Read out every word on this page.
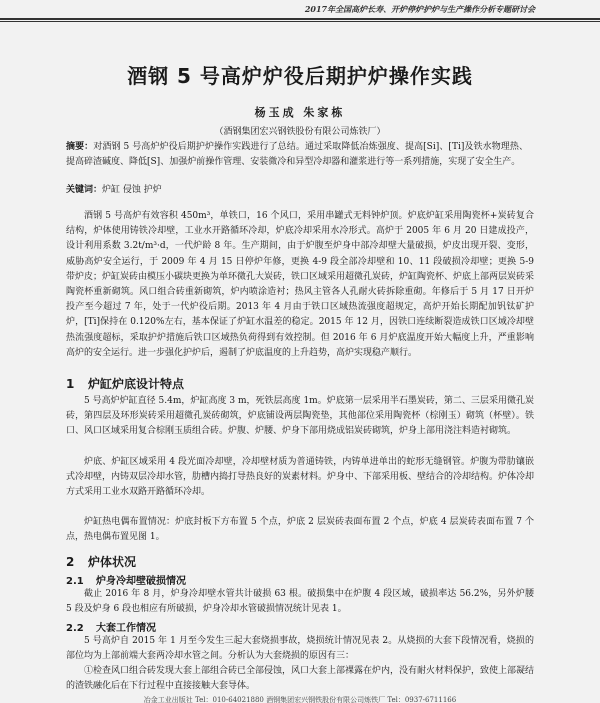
2017年全国高炉长寿、开炉停炉护炉与生产操作分析专题研讨会
酒钢 5 号高炉炉役后期护炉操作实践
杨玉成 朱家栋
（酒钢集团宏兴钢铁股份有限公司炼铁厂）
摘要：对酒钢 5 号高炉炉役后期护炉操作实践进行了总结。通过采取降低冶炼强度、提高[Si]、[Ti]及铁水物理热、提高碎渣碱度、降低[S]、加强炉前操作管理、安装微冷和异型冷却器和灌浆进行等一系列措施，实现了安全生产。
关键词：炉缸 侵蚀 护炉

酒钢 5 号高炉有效容积 450m³，单铁口，16 个风口，采用串罐式无料钟炉顶。炉底炉缸采用陶瓷杯+炭砖复合结构，炉体使用铸铁冷却壁，工业水开路循环冷却，炉底冷却采用水冷形式。高炉于 2005 年 6 月 20 日建成投产，设计利用系数 3.2t/m³·d，一代炉龄 8 年。生产期间，由于炉腹至炉身中部冷却壁大量破损，炉皮出现开裂、变形，威胁高炉安全运行，于 2009 年 4 月 15 日停炉年修，更换 4-9 段全部冷却壁和 10、11 段破损冷却壁；更换 5-9 带炉皮；炉缸炭砖由模压小碳块更换为单环微孔大炭砖，铁口区域采用超微孔炭砖，炉缸陶瓷杯、炉底上部两层炭砖采陶瓷杯重新砌筑。风口组合砖重新砌筑，炉内喷涂造衬；热风主管各人孔耐火砖拆除重砌。年修后于 5 月 17 日开炉投产至今超过 7 年，处于一代炉役后期。2013 年 4 月由于铁口区域热流强度超规定，高炉开始长期配加钒钛矿护炉，[Ti]保持在 0.120%左右，基本保证了炉缸水温差的稳定。2015 年 12 月，因铁口连续断裂造成铁口区域冷却壁热流强度超标，采取护炉措施后铁口区域热负荷得到有效控制。但 2016 年 6 月炉底温度开始大幅度上升，严重影响高炉的安全运行。进一步强化护炉后，遏制了炉底温度的上升趋势，高炉实现稳产顺行。

1 炉缸炉底设计特点

5 号高炉炉缸直径 5.4m，炉缸高度 3 m，死铁层高度 1m。炉底第一层采用半石墨炭砖，第二、三层采用微孔炭砖，第四层及环形炭砖采用超微孔炭砖砌筑，炉底铺设两层陶瓷垫，其他部位采用陶瓷杯（棕刚玉）砌筑（杯壁）。铁口、风口区域采用复合棕刚玉质组合砖。炉腹、炉腰、炉身下部用烧成铝炭砖砌筑，炉身上部用浇注料造衬砌筑。

炉底、炉缸区域采用 4 段光面冷却壁，冷却壁材质为普通铸铁，内铸单进单出的蛇形无缝钢管。炉腹为带肋镶嵌式冷却壁，内铸双层冷却水管，肋槽内捣打导热良好的炭素材料。炉身中、下部采用板、壁结合的冷却结构。炉体冷却方式采用工业水双路开路循环冷却。

炉缸热电偶布置情况：炉底封板下方布置 5 个点，炉底 2 层炭砖表面布置 2 个点，炉底 4 层炭砖表面布置 7 个点，热电偶布置见图 1。

2 炉体状况
2.1 炉身冷却壁破损情况

截止 2016 年 8 月，炉身冷却壁水管共计破损 63 根。破损集中在炉腹 4 段区域，破损率达 56.2%，另外炉腰 5 段及炉身 6 段也相应有所破损，炉身冷却水管破损情况统计见表 1。

2.2 大套工作情况

5 号高炉自 2015 年 1 月至今发生三起大套烧损事故，烧损统计情况见表 2。从烧损的大套下段情况看，烧损的部位均为上部前端大套两冷却水管之间。分析认为大套烧损的原因有三：

①检查风口组合砖发现大套上部组合砖已全部侵蚀，风口大套上部裸露在炉内，没有耐火材料保护，致使上部凝结的渣铁融化后在下行过程中直接接触大套导体。

冶金工业出版社 Tel：010-64021880 酒钢集团宏兴钢铁股份有限公司炼铁厂 Tel：0937-6711166
